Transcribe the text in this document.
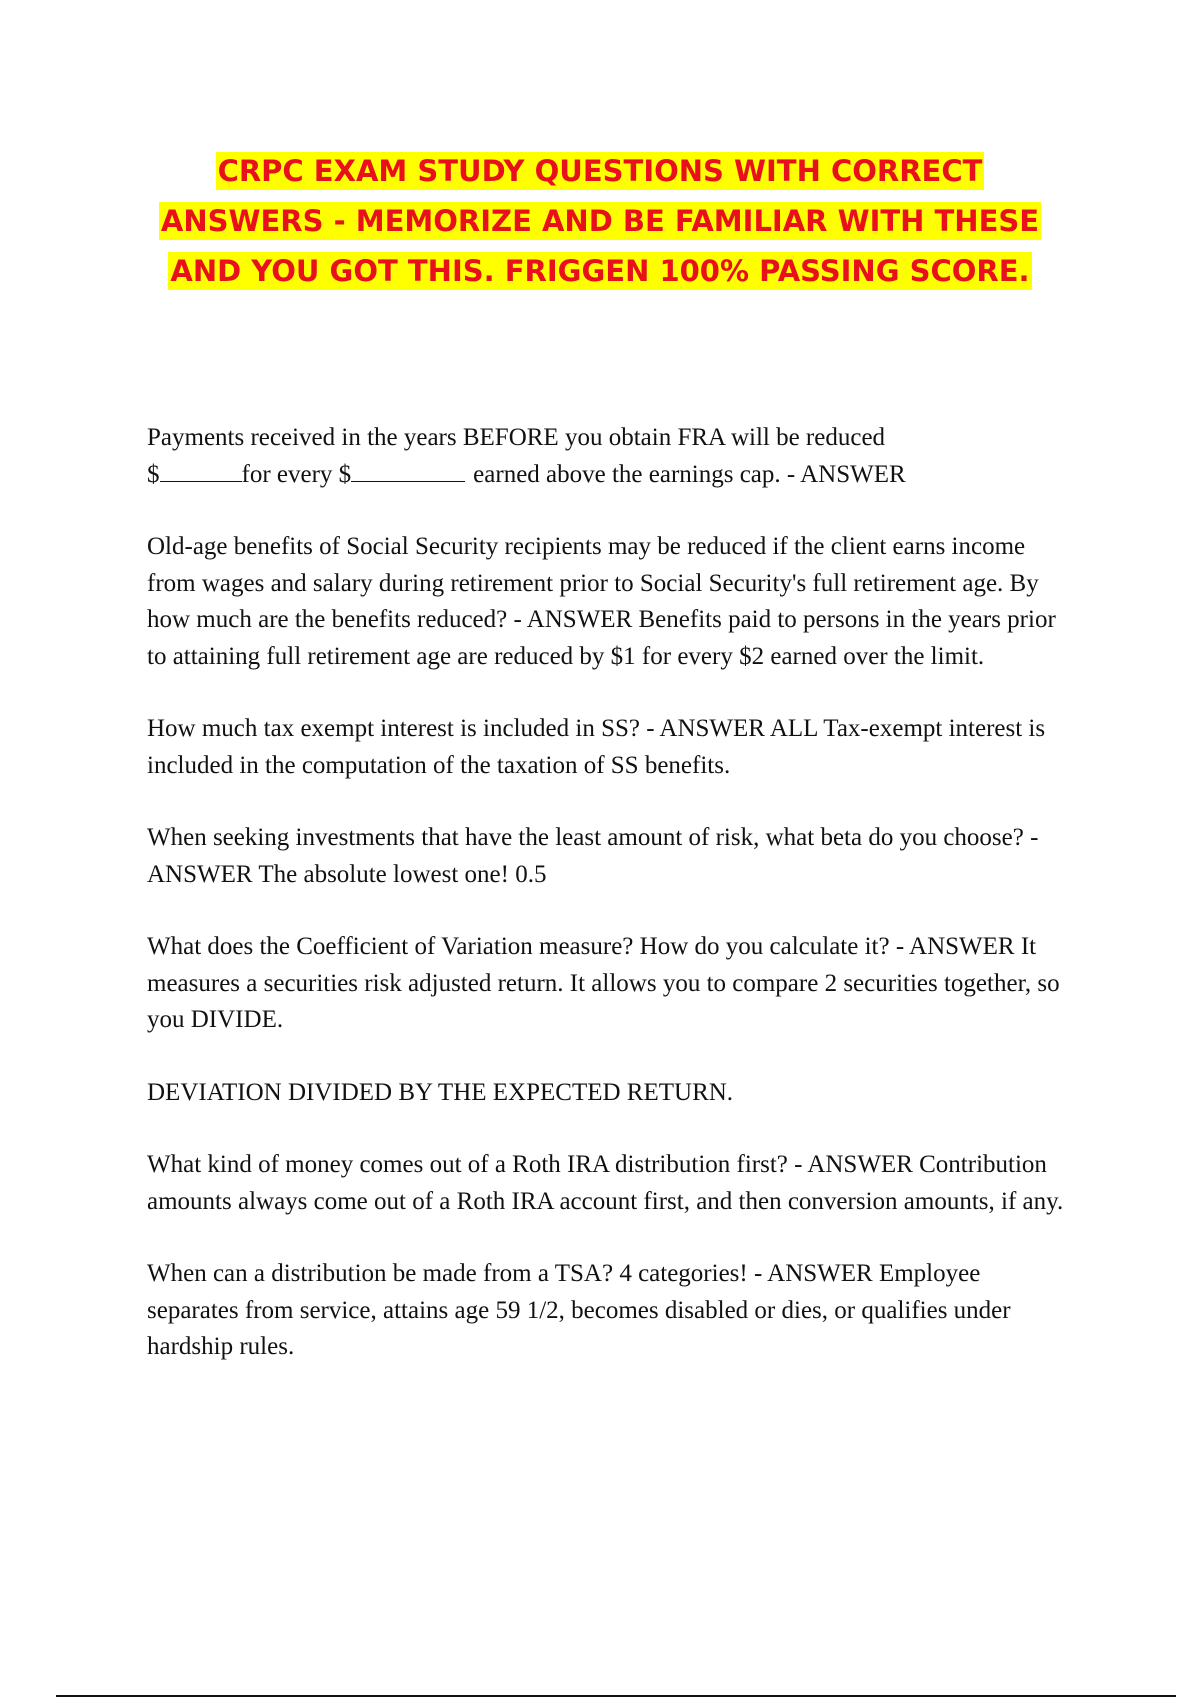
CRPC EXAM STUDY QUESTIONS WITH CORRECT ANSWERS - MEMORIZE AND BE FAMILIAR WITH THESE AND YOU GOT THIS. FRIGGEN 100% PASSING SCORE.

Payments received in the years BEFORE you obtain FRA will be reduced
$	for every $	earned above the earnings cap. - ANSWER

Old-age benefits of Social Security recipients may be reduced if the client earns income from wages and salary during retirement prior to Social Security's full retirement age. By how much are the benefits reduced? - ANSWER Benefits paid to persons in the years prior to attaining full retirement age are reduced by $1 for every $2 earned over the limit.

How much tax exempt interest is included in SS? - ANSWER ALL Tax-exempt interest is included in the computation of the taxation of SS benefits.

When seeking investments that have the least amount of risk, what beta do you choose? - ANSWER The absolute lowest one! 0.5

What does the Coefficient of Variation measure? How do you calculate it? - ANSWER It measures a securities risk adjusted return. It allows you to compare 2 securities together, so you DIVIDE.

DEVIATION DIVIDED BY THE EXPECTED RETURN.

What kind of money comes out of a Roth IRA distribution first? - ANSWER Contribution amounts always come out of a Roth IRA account first, and then conversion amounts, if any.

When can a distribution be made from a TSA? 4 categories! - ANSWER Employee separates from service, attains age 59 1/2, becomes disabled or dies, or qualifies under hardship rules.
